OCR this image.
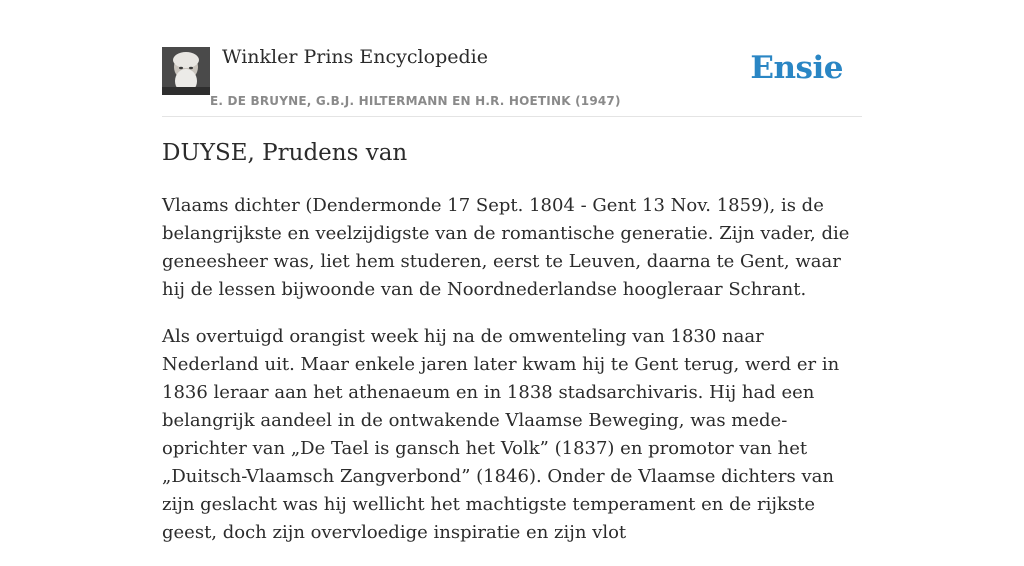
Winkler Prins Encyclopedie
E. DE BRUYNE, G.B.J. HILTERMANN EN H.R. HOETINK (1947)
Ensie
DUYSE, Prudens van

Vlaams dichter (Dendermonde 17 Sept. 1804 - Gent 13 Nov. 1859), is de belangrijkste en veelzijdigste van de romantische generatie. Zijn vader, die geneesheer was, liet hem studeren, eerst te Leuven, daarna te Gent, waar hij de lessen bijwoonde van de Noordnederlandse hoogleraar Schrant.

Als overtuigd orangist week hij na de omwenteling van 1830 naar Nederland uit. Maar enkele jaren later kwam hij te Gent terug, werd er in 1836 leraar aan het athenaeum en in 1838 stadsarchivaris. Hij had een belangrijk aandeel in de ontwakende Vlaamse Beweging, was mede-oprichter van „De Tael is gansch het Volk” (1837) en promotor van het „Duitsch-Vlaamsch Zangverbond” (1846). Onder de Vlaamse dichters van zijn geslacht was hij wellicht het machtigste temperament en de rijkste geest, doch zijn overvloedige inspiratie en zijn vlot
